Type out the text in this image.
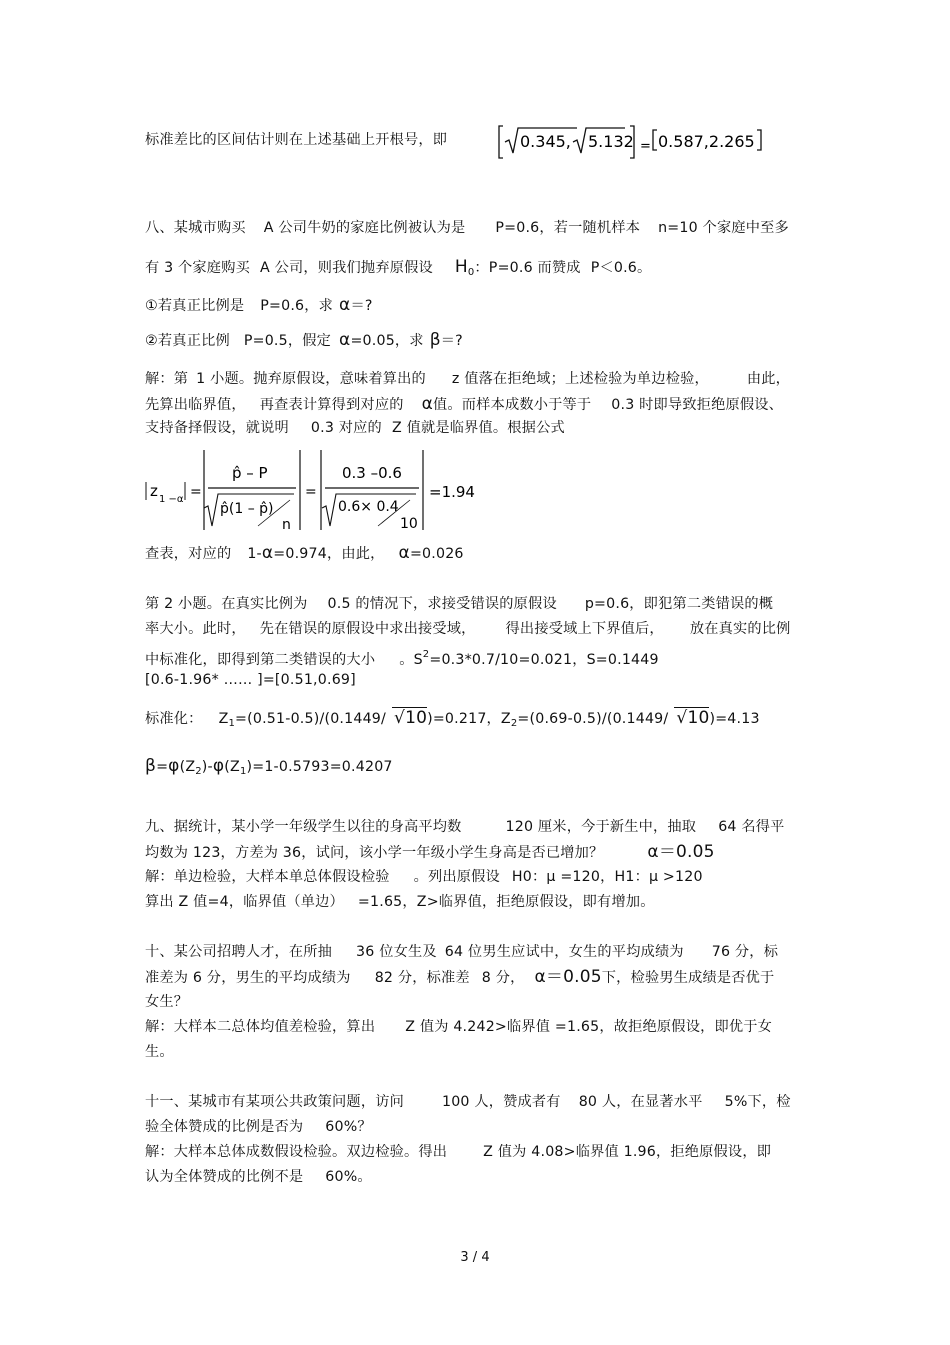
标准差比的区间估计则在上述基础上开根号，即	0.345, 5.132 = 0.587,2.265
八、某城市购买 A 公司牛奶的家庭比例被认为是 P=0.6，若一随机样本 n=10 个家庭中至多
有 3 个家庭购买 A 公司，则我们抛弃原假设 $H_0$：P=0.6 而赞成 P＜0.6。
①若真正比例是 P=0.6，求 α＝?
②若真正比例 P=0.5，假定 α=0.05，求 β＝?
解：第 1 小题。抛弃原假设，意味着算出的 z 值落在拒绝域；上述检验为单边检验，	由此，
先算出临界值， 再查表计算得到对应的 α值。而样本成数小于等于 0.3 时即导致拒绝原假设、
支持备择假设，就说明 0.3 对应的 Z 值就是临界值。根据公式
z 1 −α =
p̂ – P
p̂(1 – p̂)
n
=
0.3 –0.6
0.6× 0.4
10
=1.94
查表，对应的 1-α=0.974，由此， α=0.026
第 2 小题。在真实比例为 0.5 的情况下，求接受错误的原假设 p=0.6，即犯第二类错误的概
率大小。此时， 先在错误的原假设中求出接受域， 得出接受域上下界值后， 放在真实的比例
中标准化，即得到第二类错误的大小 。$S^2=0.3*0.7/10=0.021$，S=0.1449
[0.6-1.96* …… ]=[0.51,0.69]
标准化： $Z_1=(0.51-0.5)/(0.1449/$ √10)=0.217，$Z_2=(0.69-0.5)/(0.1449/$ √10)=4.13
$\beta=\varphi(Z_2)-\varphi(Z_1)=1-0.5793=0.4207$
九、据统计，某小学一年级学生以往的身高平均数	120 厘米，今于新生中，抽取 64 名得平
均数为 123，方差为 36，试问，该小学一年级小学生身高是否已增加？	α＝0.05
解：单边检验，大样本单总体假设检验 。列出原假设 H0：μ =120，H1：μ >120
算出 Z 值=4，临界值（单边） =1.65，Z>临界值，拒绝原假设，即有增加。
十、某公司招聘人才，在所抽 36 位女生及 64 位男生应试中，女生的平均成绩为 76 分，标
准差为 6 分，男生的平均成绩为 82 分，标准差 8 分， α＝0.05下，检验男生成绩是否优于
女生？
解：大样本二总体均值差检验，算出 Z 值为 4.242>临界值 =1.65，故拒绝原假设，即优于女
生。
十一、某城市有某项公共政策问题，访问	100 人，赞成者有 80 人，在显著水平 5%下，检
验全体赞成的比例是否为 60%？
解：大样本总体成数假设检验。双边检验。得出	Z 值为 4.08>临界值 1.96，拒绝原假设，即
认为全体赞成的比例不是 60%。
3 / 4
